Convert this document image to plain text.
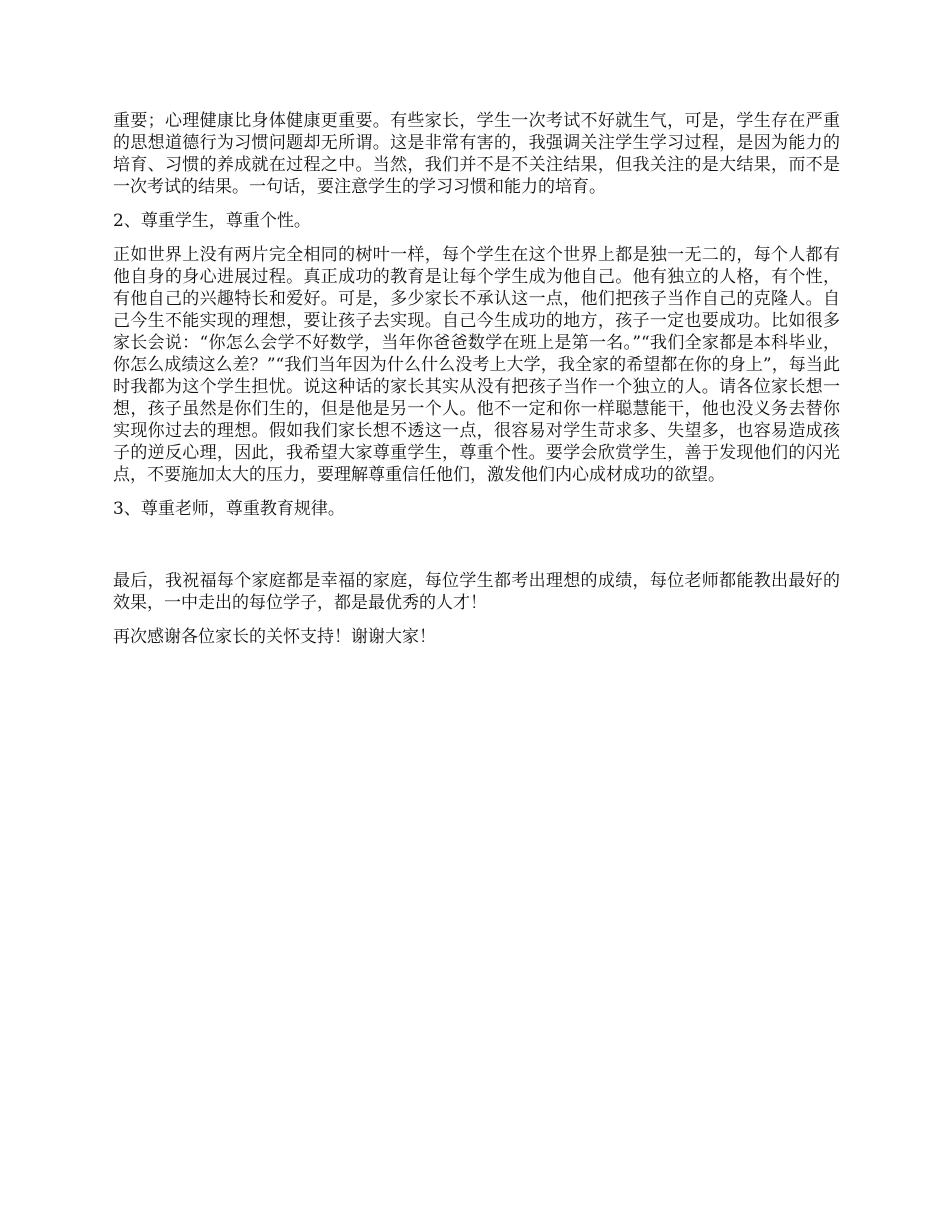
重要；心理健康比身体健康更重要。有些家长，学生一次考试不好就生气，可是，学生存在严重的思想道德行为习惯问题却无所谓。这是非常有害的，我强调关注学生学习过程，是因为能力的培育、习惯的养成就在过程之中。当然，我们并不是不关注结果，但我关注的是大结果，而不是一次考试的结果。一句话，要注意学生的学习习惯和能力的培育。

2、尊重学生，尊重个性。

正如世界上没有两片完全相同的树叶一样，每个学生在这个世界上都是独一无二的，每个人都有他自身的身心进展过程。真正成功的教育是让每个学生成为他自己。他有独立的人格，有个性，有他自己的兴趣特长和爱好。可是，多少家长不承认这一点，他们把孩子当作自己的克隆人。自己今生不能实现的理想，要让孩子去实现。自己今生成功的地方，孩子一定也要成功。比如很多家长会说：“你怎么会学不好数学，当年你爸爸数学在班上是第一名。”“我们全家都是本科毕业，你怎么成绩这么差？”“我们当年因为什么什么没考上大学，我全家的希望都在你的身上”，每当此时我都为这个学生担忧。说这种话的家长其实从没有把孩子当作一个独立的人。请各位家长想一想，孩子虽然是你们生的，但是他是另一个人。他不一定和你一样聪慧能干，他也没义务去替你实现你过去的理想。假如我们家长想不透这一点，很容易对学生苛求多、失望多，也容易造成孩子的逆反心理，因此，我希望大家尊重学生，尊重个性。要学会欣赏学生，善于发现他们的闪光点，不要施加太大的压力，要理解尊重信任他们，激发他们内心成材成功的欲望。

3、尊重老师，尊重教育规律。

最后，我祝福每个家庭都是幸福的家庭，每位学生都考出理想的成绩，每位老师都能教出最好的效果，一中走出的每位学子，都是最优秀的人才！

再次感谢各位家长的关怀支持！谢谢大家！
